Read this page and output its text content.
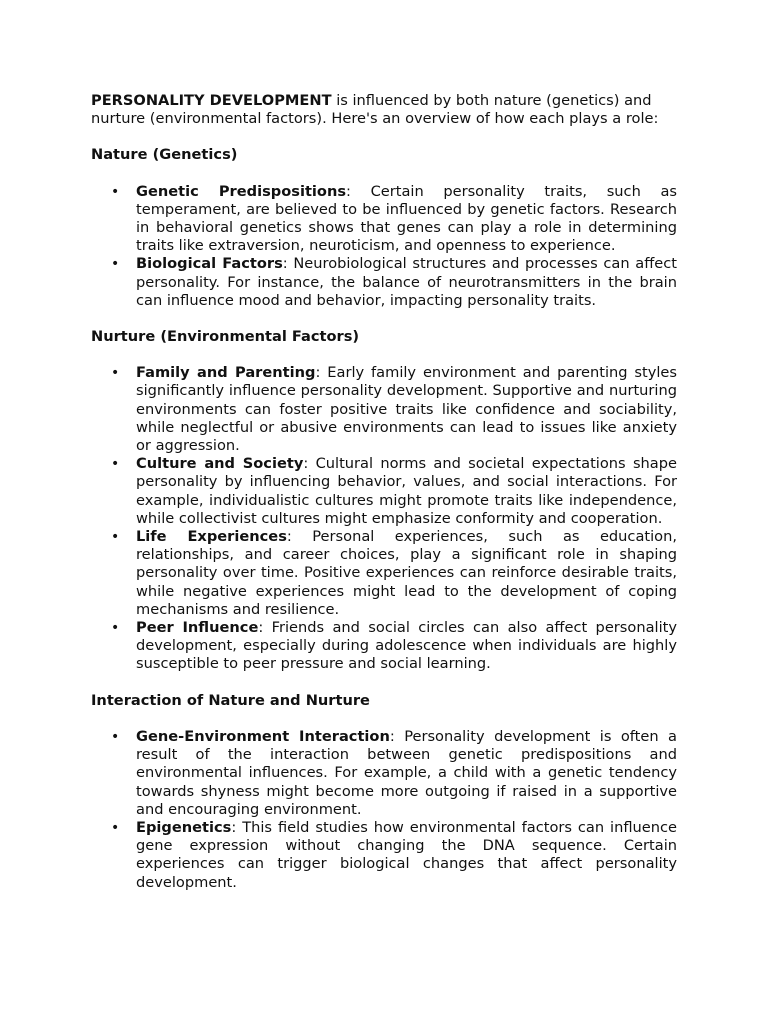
PERSONALITY DEVELOPMENT is influenced by both nature (genetics) and nurture (environmental factors). Here's an overview of how each plays a role:

Nature (Genetics)

• Genetic Predispositions: Certain personality traits, such as temperament, are believed to be influenced by genetic factors. Research in behavioral genetics shows that genes can play a role in determining traits like extraversion, neuroticism, and openness to experience.
• Biological Factors: Neurobiological structures and processes can affect personality. For instance, the balance of neurotransmitters in the brain can influence mood and behavior, impacting personality traits.

Nurture (Environmental Factors)

• Family and Parenting: Early family environment and parenting styles significantly influence personality development. Supportive and nurturing environments can foster positive traits like confidence and sociability, while neglectful or abusive environments can lead to issues like anxiety or aggression.
• Culture and Society: Cultural norms and societal expectations shape personality by influencing behavior, values, and social interactions. For example, individualistic cultures might promote traits like independence, while collectivist cultures might emphasize conformity and cooperation.
• Life Experiences: Personal experiences, such as education, relationships, and career choices, play a significant role in shaping personality over time. Positive experiences can reinforce desirable traits, while negative experiences might lead to the development of coping mechanisms and resilience.
• Peer Influence: Friends and social circles can also affect personality development, especially during adolescence when individuals are highly susceptible to peer pressure and social learning.

Interaction of Nature and Nurture

• Gene-Environment Interaction: Personality development is often a result of the interaction between genetic predispositions and environmental influences. For example, a child with a genetic tendency towards shyness might become more outgoing if raised in a supportive and encouraging environment.
• Epigenetics: This field studies how environmental factors can influence gene expression without changing the DNA sequence. Certain experiences can trigger biological changes that affect personality development.
